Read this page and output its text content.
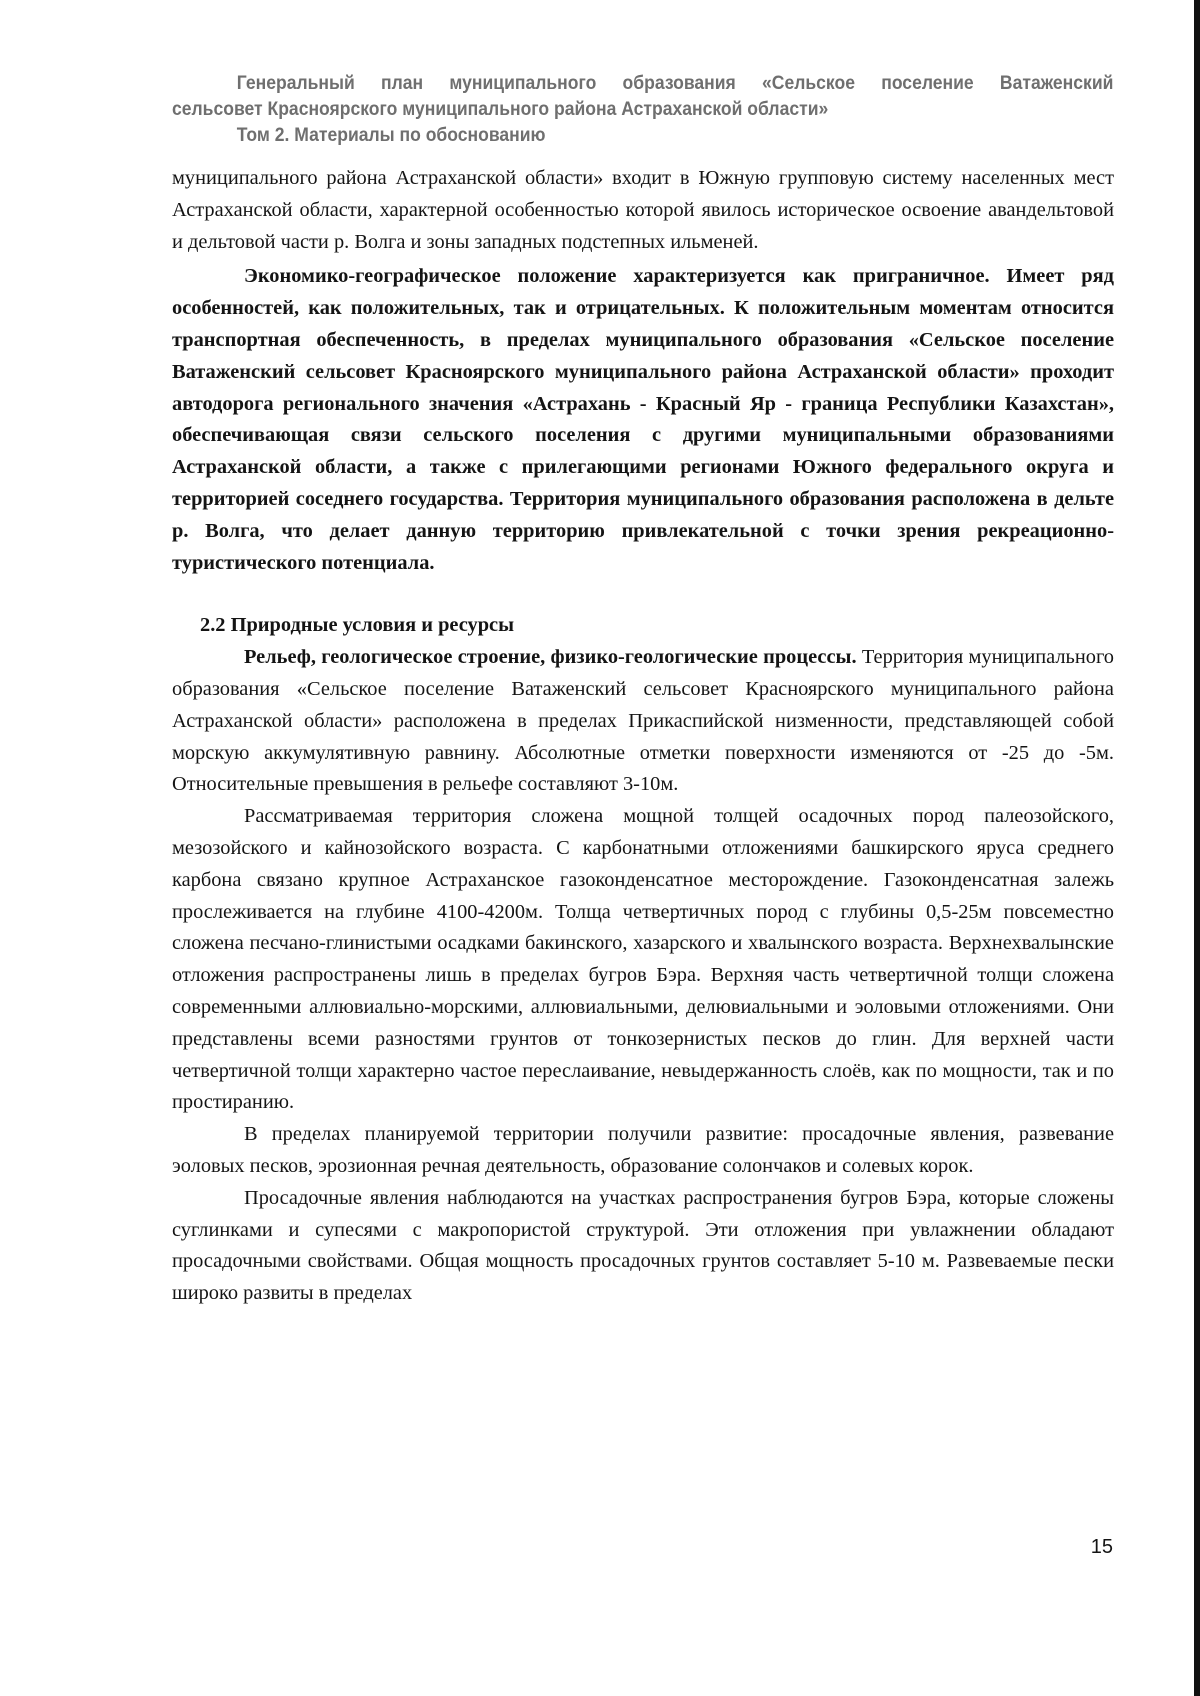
Генеральный план муниципального образования «Сельское поселение Ватаженский
сельсовет Красноярского муниципального района Астраханской области»
Том 2. Материалы по обоснованию

муниципального района Астраханской области» входит в Южную групповую систему населенных мест Астраханской области, характерной особенностью которой явилось историческое освоение авандельтовой и дельтовой части р. Волга и зоны западных подстепных ильменей.

Экономико-географическое положение характеризуется как приграничное. Имеет ряд особенностей, как положительных, так и отрицательных. К положительным моментам относится транспортная обеспеченность, в пределах муниципального образования «Сельское поселение Ватаженский сельсовет Красноярского муниципального района Астраханской области» проходит автодорога регионального значения «Астрахань - Красный Яр - граница Республики Казахстан», обеспечивающая связи сельского поселения с другими муниципальными образованиями Астраханской области, а также с прилегающими регионами Южного федерального округа и территорией соседнего государства. Территория муниципального образования расположена в дельте р. Волга, что делает данную территорию привлекательной с точки зрения рекреационно-туристического потенциала.

2.2 Природные условия и ресурсы

Рельеф, геологическое строение, физико-геологические процессы. Территория муниципального образования «Сельское поселение Ватаженский сельсовет Красноярского муниципального района Астраханской области» расположена в пределах Прикаспийской низменности, представляющей собой морскую аккумулятивную равнину. Абсолютные отметки поверхности изменяются от -25 до -5м. Относительные превышения в рельефе составляют 3-10м.

Рассматриваемая территория сложена мощной толщей осадочных пород палеозойского, мезозойского и кайнозойского возраста. С карбонатными отложениями башкирского яруса среднего карбона связано крупное Астраханское газоконденсатное месторождение. Газоконденсатная залежь прослеживается на глубине 4100-4200м. Толща четвертичных пород с глубины 0,5-25м повсеместно сложена песчано-глинистыми осадками бакинского, хазарского и хвалынского возраста. Верхнехвалынские отложения распространены лишь в пределах бугров Бэра. Верхняя часть четвертичной толщи сложена современными аллювиально-морскими, аллювиальными, делювиальными и эоловыми отложениями. Они представлены всеми разностями грунтов от тонкозернистых песков до глин. Для верхней части четвертичной толщи характерно частое переслаивание, невыдержанность слоёв, как по мощности, так и по простиранию.

В пределах планируемой территории получили развитие: просадочные явления, развевание эоловых песков, эрозионная речная деятельность, образование солончаков и солевых корок.

Просадочные явления наблюдаются на участках распространения бугров Бэра, которые сложены суглинками и супесями с макропористой структурой. Эти отложения при увлажнении обладают просадочными свойствами. Общая мощность просадочных грунтов составляет 5-10 м. Развеваемые пески широко развиты в пределах

15
